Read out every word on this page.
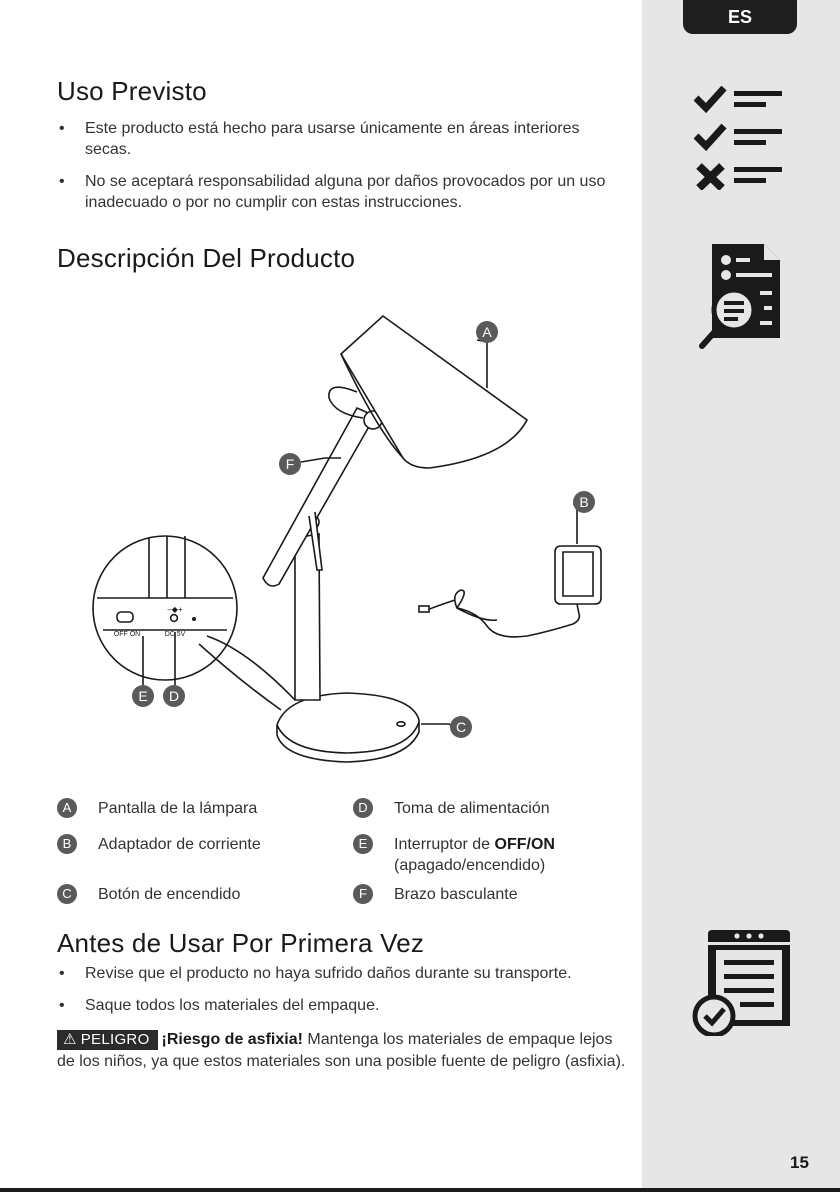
ES
15
Uso Previsto
• Este producto está hecho para usarse únicamente en áreas interiores secas.
• No se aceptará responsabilidad alguna por daños provocados por un uso inadecuado o por no cumplir con estas instrucciones.
Descripción Del Producto
OFF ON	DC 5V
–◆+
A
F
B
C
E D
A	Pantalla de la lámpara
B	Adaptador de corriente
C	Botón de encendido
D	Toma de alimentación
E	Interruptor de OFF/ON
(apagado/encendido)
F	Brazo basculante
Antes de Usar Por Primera Vez
• Revise que el producto no haya sufrido daños durante su transporte.
• Saque todos los materiales del empaque.
⚠ PELIGRO ¡Riesgo de asfixia! Mantenga los materiales de empaque lejos de los niños, ya que estos materiales son una posible fuente de peligro (asfixia).
